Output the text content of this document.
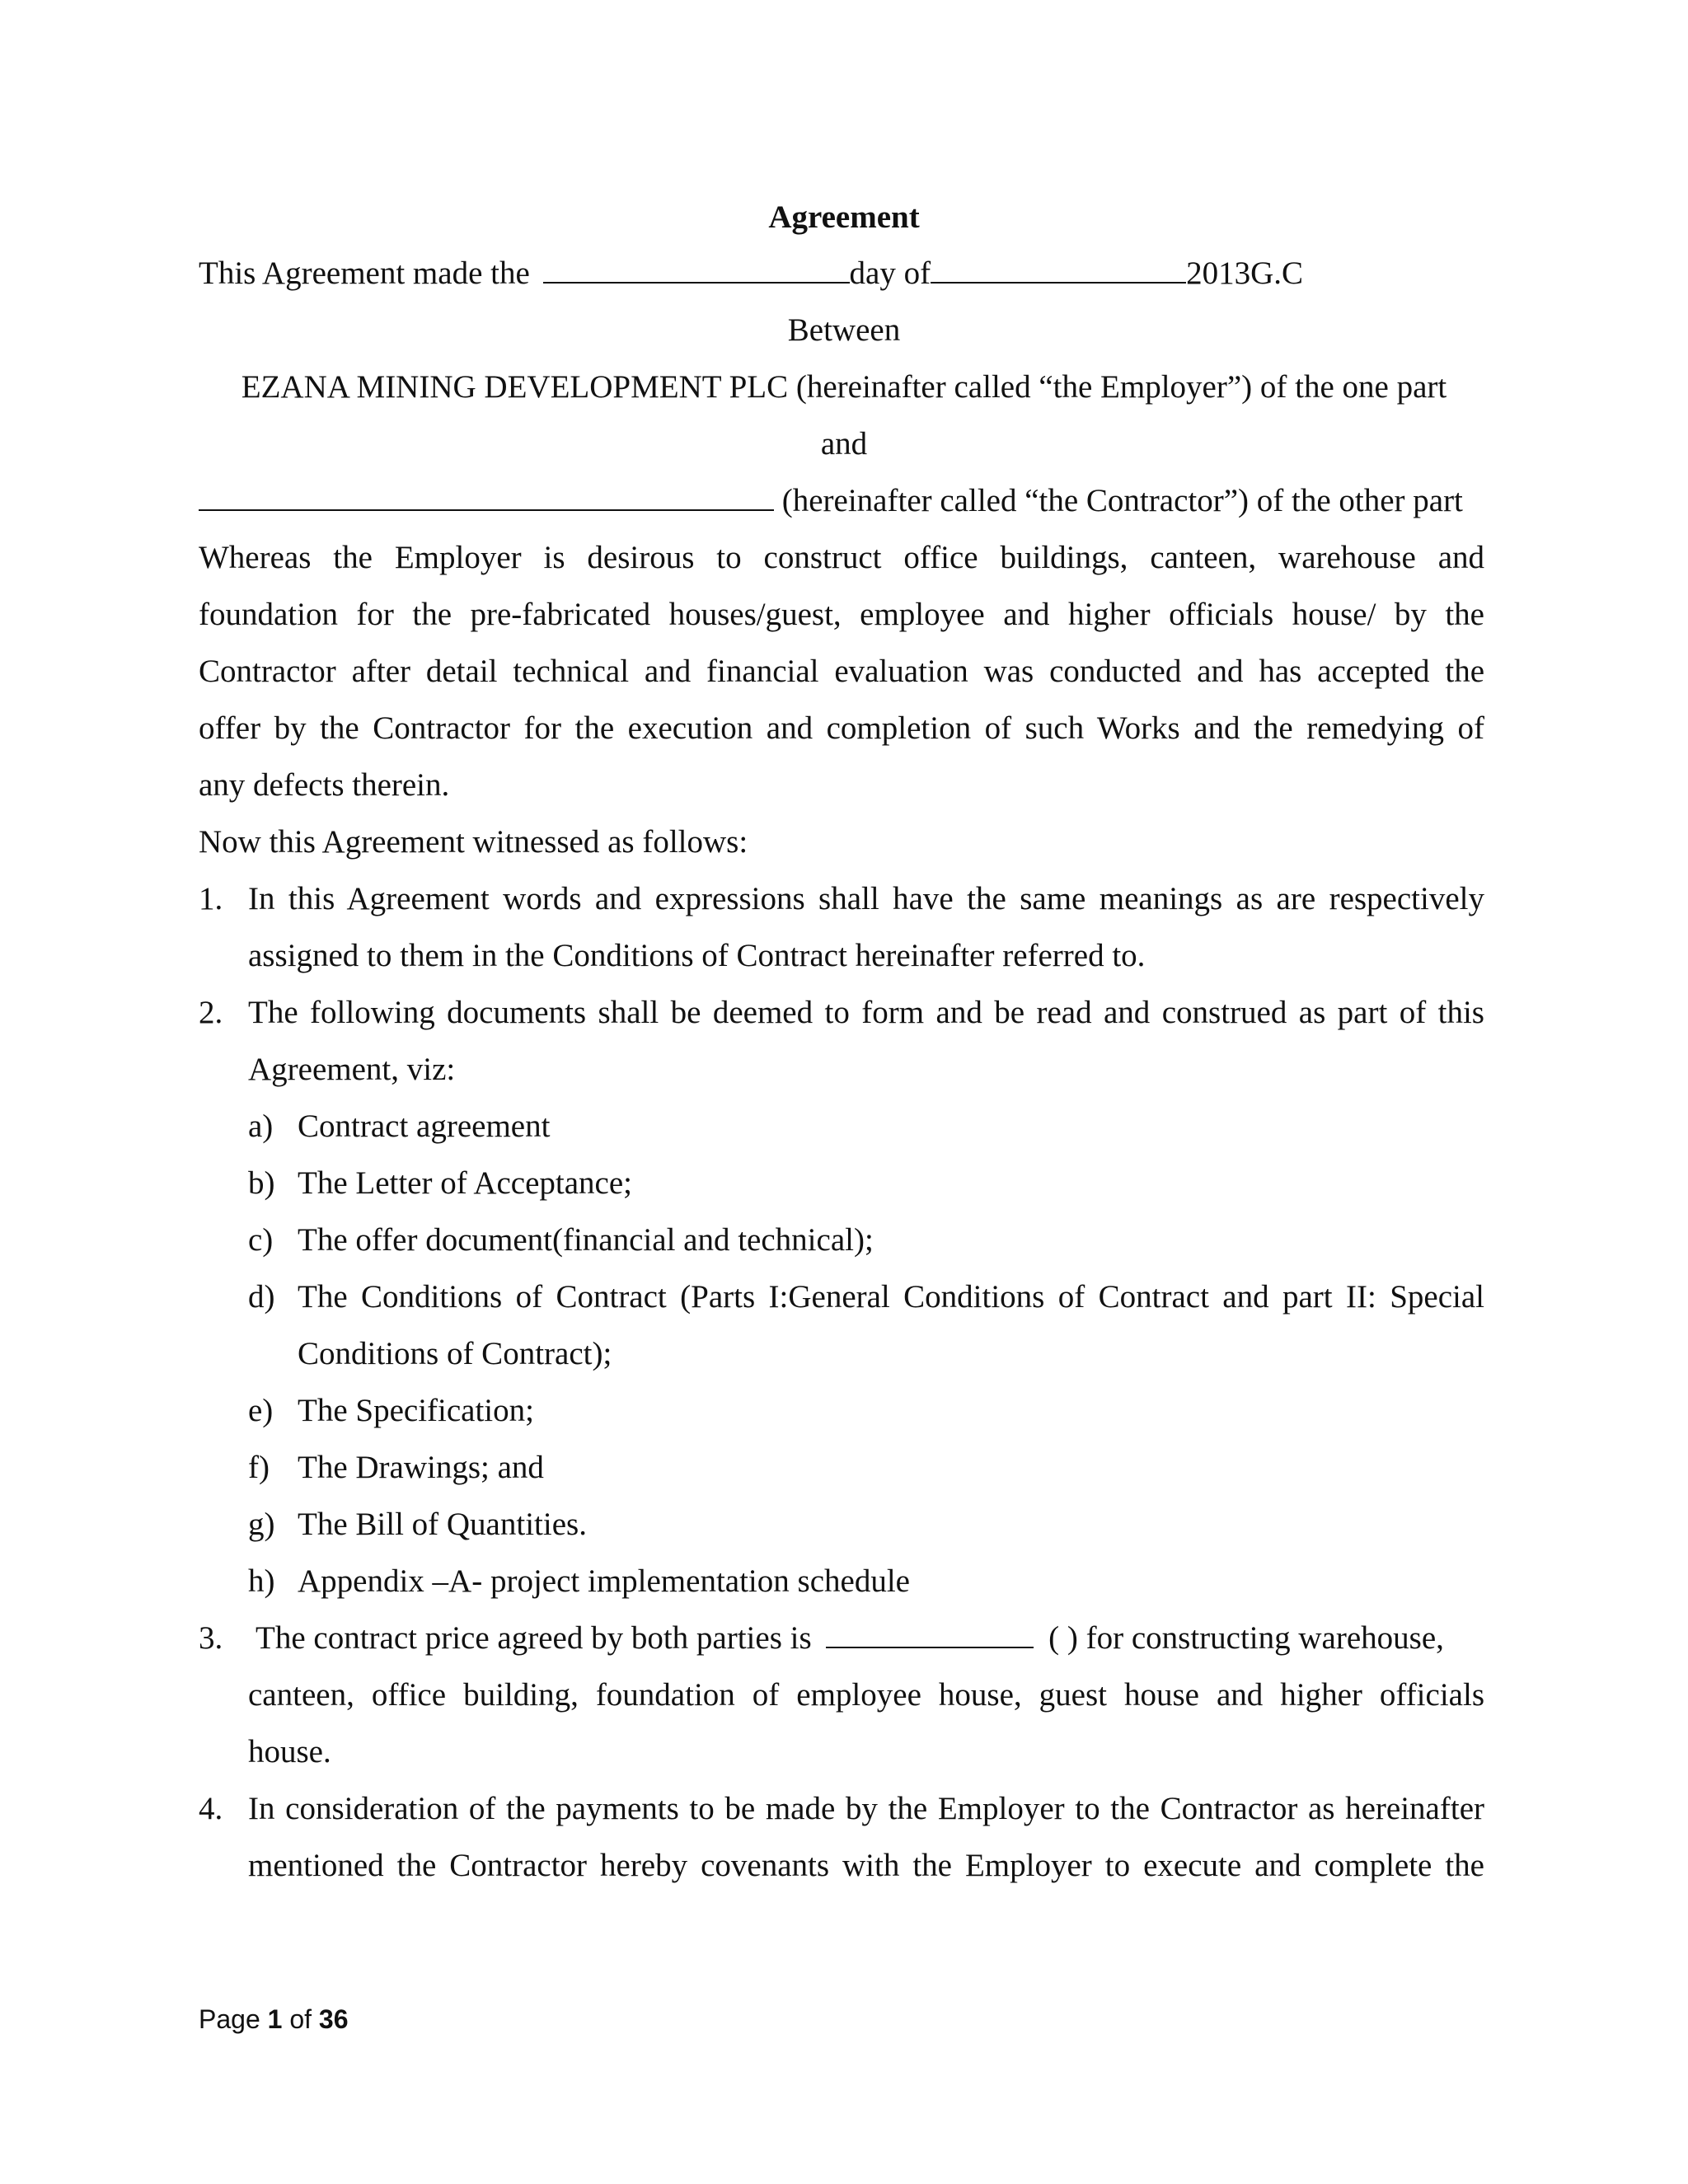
Agreement
This Agreement made the	day of	2013G.C
Between
EZANA MINING DEVELOPMENT PLC (hereinafter called “the Employer”) of the one part
and
(hereinafter called “the Contractor”) of the other part
Whereas the Employer is desirous to construct office buildings, canteen, warehouse and
foundation for the pre-fabricated houses/guest, employee and higher officials house/ by the
Contractor after detail technical and financial evaluation was conducted and has accepted the
offer by the Contractor for the execution and completion of such Works and the remedying of
any defects therein.
Now this Agreement witnessed as follows:
1. In this Agreement words and expressions shall have the same meanings as are respectively
assigned to them in the Conditions of Contract hereinafter referred to.
2. The following documents shall be deemed to form and be read and construed as part of this
Agreement, viz:
a) Contract agreement
b) The Letter of Acceptance;
c) The offer document(financial and technical);
d) The Conditions of Contract (Parts I:General Conditions of Contract and part II: Special
Conditions of Contract);
e) The Specification;
f) The Drawings; and
g) The Bill of Quantities.
h) Appendix –A- project implementation schedule
3. The contract price agreed by both parties is	( ) for constructing warehouse,
canteen, office building, foundation of employee house, guest house and higher officials
house.
4. In consideration of the payments to be made by the Employer to the Contractor as hereinafter
mentioned the Contractor hereby covenants with the Employer to execute and complete the
Page 1 of 36
